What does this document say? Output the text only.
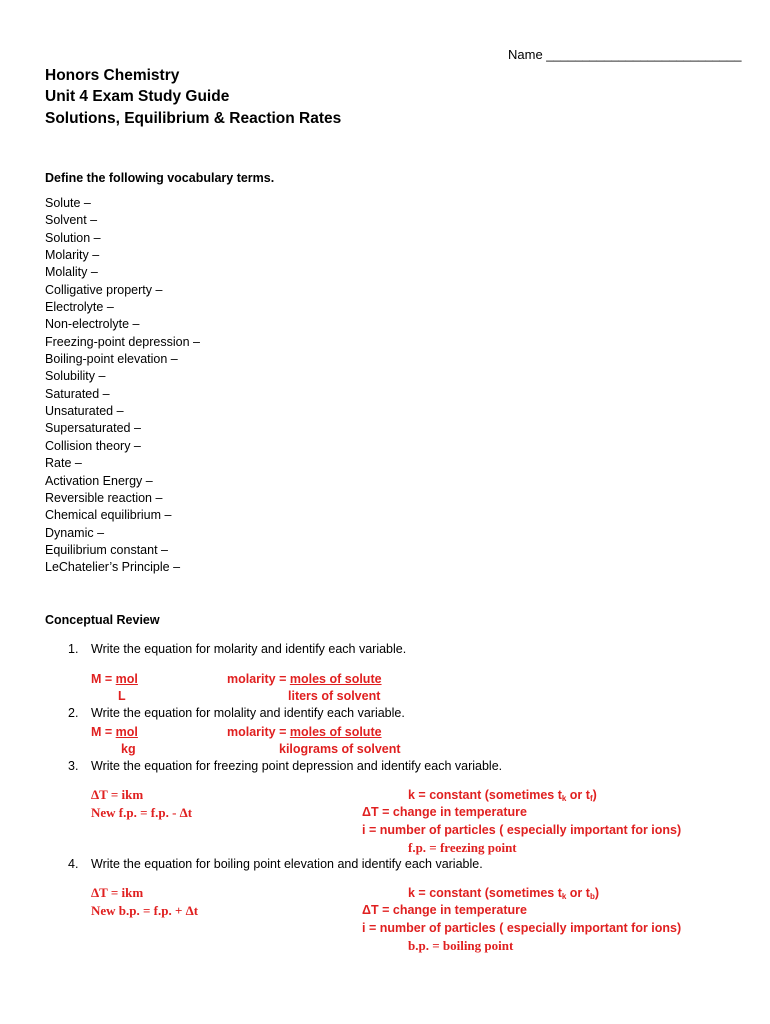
Name ___________________________
Honors Chemistry
Unit 4 Exam Study Guide
Solutions, Equilibrium & Reaction Rates
Define the following vocabulary terms.
Solute –
Solvent –
Solution –
Molarity –
Molality –
Colligative property –
Electrolyte –
Non-electrolyte –
Freezing-point depression –
Boiling-point elevation –
Solubility –
Saturated –
Unsaturated –
Supersaturated –
Collision theory –
Rate –
Activation Energy –
Reversible reaction –
Chemical equilibrium –
Dynamic –
Equilibrium constant –
LeChatelier’s Principle –
Conceptual Review
1. Write the equation for molarity and identify each variable.
M = mol
L
molarity = moles of solute
liters of solvent
2. Write the equation for molality and identify each variable.
M = mol
kg
molarity = moles of solute
kilograms of solvent
3. Write the equation for freezing point depression and identify each variable.
ΔT = ikm
New f.p. = f.p. - Δt
k = constant (sometimes $t_k$ or $t_f$)
ΔT = change in temperature
i = number of particles ( especially important for ions)
f.p. = freezing point
4. Write the equation for boiling point elevation and identify each variable.
ΔT = ikm
New b.p. = f.p. + Δt
k = constant (sometimes $t_k$ or $t_b$)
ΔT = change in temperature
i = number of particles ( especially important for ions)
b.p. = boiling point
